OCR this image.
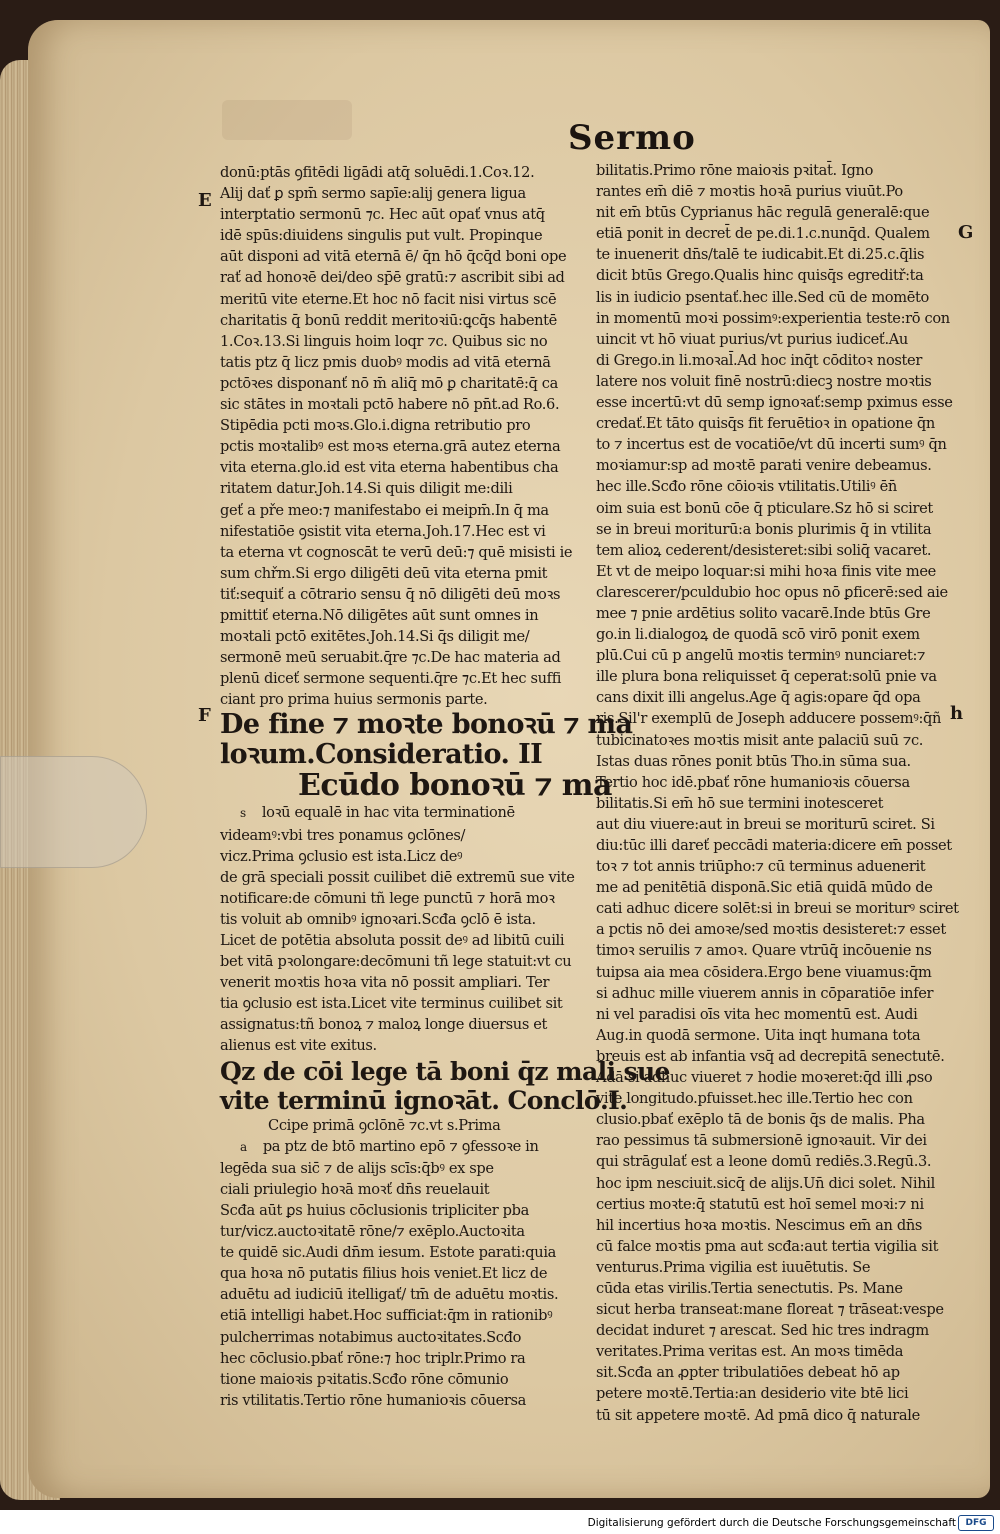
Sermo
E
F
G
h

donū:ptās ꝯfitēdi ligādi atq̄ soluēdi.1.Coꝛ.12.

Alij dať ꝑ spm̄ sermo sapīe:alij genera ligua

interptatio sermonū ⁊c. Hec aūt opať vnus atq̄

idē spūs:diuidens singulis put vult. Propinque

aūt disponi ad vitā eternā ē/ q̄n hō q̄cq̄d boni ope

rať ad honoꝛē dei/deo sp̄ē gratū:⁊ ascribit sibi ad

meritū vite eterne.Et hoc nō facit nisi virtus scē

charitatis q̄ bonū reddit meritoꝛiū:ꝗcq̄s habentē

1.Coꝛ.13.Si linguis hoim loqr ⁊c. Quibus sic no

tatis ptz q̄ licz pmis duobꝰ modis ad vitā eternā

pctōꝛes disponanť nō m̄ aliq̄ mō ꝑ charitatē:q̄ ca

sic stātes in moꝛtali pctō habere nō pn̄t.ad Ro.6.

Stipēdia pcti moꝛs.Glo.i.digna retributio pro

pctis moꝛtalibꝰ est moꝛs eterna.grā autez eterna

vita eterna.glo.id est vita eterna habentibus cha

ritatem datur.Joh.14.Si quis diligit me:dili

geť a pře meo:⁊ manifestabo ei meipm̄.In q̄ ma

nifestatiōe ꝯsistit vita eterna.Joh.17.Hec est vi

ta eterna vt cognoscāt te verū deū:⁊ quē misisti ie

sum chřm.Si ergo diligēti deū vita eterna pmit

tiť:sequiť a cōtrario sensu q̄ nō diligēti deū moꝛs

pmittiť eterna.Nō diligētes aūt sunt omnes in

moꝛtali pctō exitētes.Joh.14.Si q̄s diligit me/

sermonē meū seruabit.q̄re ⁊c.De hac materia ad

plenū diceť sermone sequenti.q̄re ⁊c.Et hec suffi

ciant pro prima huius sermonis parte.

De fine ⁊ moꝛte bonoꝛū ⁊ ma
loꝛum.Consideratio. II
Ecūdo bonoꝛū ⁊ ma

s loꝛū equalē in hac vita terminationē

videamꝰ:vbi tres ponamus ꝯclōnes/

vicz.Prima ꝯclusio est ista.Licz deꝰ

de grā speciali possit cuilibet diē extremū sue vite

notificare:de cōmuni tñ lege punctū ⁊ horā moꝛ

tis voluit ab omnibꝰ ignoꝛari.Scđa ꝯclō ē ista.

Licet de potētia absoluta possit deꝰ ad libitū cuili

bet vitā pꝛolongare:decōmuni tñ lege statuit:vt cu

venerit moꝛtis hoꝛa vita nō possit ampliari. Ter

tia ꝯclusio est ista.Licet vite terminus cuilibet sit

assignatus:tñ bonoꝝ ⁊ maloꝝ longe diuersus et

alienus est vite exitus.

Qz de cōi lege tā boni q̄z mali sue
vite terminū ignoꝛāt. Conclō.I.

Ccipe primā ꝯclōnē ⁊c.vt s.Prima

a pa ptz de btō martino epō ⁊ ꝯfessoꝛe in

legēda sua sic̄ ⁊ de alijs scīs:q̄bꝰ ex spe

ciali priulegio hoꝛā moꝛť dn̄s reuelauit

Scđa aūt ꝑs huius cōclusionis tripliciter pba

tur/vicz.auctoꝛitatē rōne/⁊ exēplo.Auctoꝛita

te quidē sic.Audi dn̄m iesum. Estote parati:quia

qua hoꝛa nō putatis filius hois veniet.Et licz de

aduētu ad iudiciū itelligať/ tm̄ de aduētu moꝛtis.

etiā intelligi habet.Hoc sufficiat:q̄m in rationibꝰ

pulcherrimas notabimus auctoꝛitates.Scđo

hec cōclusio.pbať rōne:⁊ hoc triplr.Primo ra

tione maioꝛis pꝛitatis.Scđo rōne cōmunio

ris vtilitatis.Tertio rōne humanioꝛis cōuersa

bilitatis.Primo rōne maioꝛis pꝛitat̄. Igno

rantes em̄ diē ⁊ moꝛtis hoꝛā purius viuūt.Po

nit em̄ btūs Cyprianus hāc regulā generalē:que

etiā ponit in decret̄ de pe.di.1.c.nunq̄d. Qualem

te inuenerit dn̄s/talē te iudicabit.Et di.25.c.q̄lis

dicit btūs Grego.Qualis hinc quisq̄s egreditř:ta

lis in iudicio psentať.hec ille.Sed cū de momēto

in momentū moꝛi possimꝰ:experientia teste:rō con

uincit vt hō viuat purius/vt purius iudiceť.Au

di Grego.in li.moꝛal̄.Ad hoc inq̄t cōditoꝛ noster

latere nos voluit finē nostrū:diecꝫ nostre moꝛtis

esse incertū:vt dū semp ignoꝛať:semp pximus esse

credať.Et tāto quisq̄s fit feruētioꝛ in opatione q̄n

to ⁊ incertus est de vocatiōe/vt dū incerti sumꝰ q̄n

moꝛiamur:sp ad moꝛtē parati venire debeamus.

hec ille.Scđo rōne cōioꝛis vtilitatis.Utiliꝰ ēn̄

oim suia est bonū cōe q̄ pticulare.Sz hō si sciret

se in breui moriturū:a bonis plurimis q̄ in vtilita

tem alioꝝ cederent/desisteret:sibi soliq̄ vacaret.

Et vt de meipo loquar:si mihi hoꝛa finis vite mee

clarescerer/pculdubio hoc opus nō ꝑficerē:sed aie

mee ⁊ pnie ardētius solito vacarē.Inde btūs Gre

go.in li.dialogoꝝ de quodā scō virō ponit exem

plū.Cui cū p angelū moꝛtis terminꝰ nunciaret:⁊

ille plura bona reliquisset q̄ ceperat:solū pnie va

cans dixit illi angelus.Age q̄ agis:opare q̄d opa

ris.Sil'r exemplū de Joseph adducere possemꝰ:q̄ñ

tubicinatoꝛes moꝛtis misit ante palaciū suū ⁊c.

Istas duas rōnes ponit btūs Tho.in sūma sua.

Tertio hoc idē.pbať rōne humanioꝛis cōuersa

bilitatis.Si em̄ hō sue termini inotesceret

aut diu viuere:aut in breui se moriturū sciret. Si

diu:tūc illi dareť peccādi materia:dicere em̄ posset

toꝛ ⁊ tot annis triūpho:⁊ cū terminus aduenerit

me ad penitētiā disponā.Sic etiā quidā mūdo de

cati adhuc dicere solēt:si in breui se moriturꝰ sciret

a pctis nō dei amoꝛe/sed moꝛtis desisteret:⁊ esset

timoꝛ seruilis ⁊ amoꝛ. Quare vtrūq̄ incōuenie ns

tuipsa aia mea cōsidera.Ergo bene viuamus:q̄m

si adhuc mille viuerem annis in cōparatiōe infer

ni vel paradisi oīs vita hec momentū est. Audi

Aug.in quodā sermone. Uita inqt humana tota

breuis est ab infantia vsq̄ ad decrepitā senectutē.

Adā si adhuc viueret ⁊ hodie moꝛeret:q̄d illi ꝓso

vite longitudo.pfuisset.hec ille.Tertio hec con

clusio.pbať exēplo tā de bonis q̄s de malis. Pha

rao pessimus tā submersionē ignoꝛauit. Vir dei

qui strāgulať est a leone domū rediēs.3.Regū.3.

hoc ipm nesciuit.sicq̄ de alijs.Un̄ dici solet. Nihil

certius moꝛte:q̄ statutū est hoī semel moꝛi:⁊ ni

hil incertius hoꝛa moꝛtis. Nescimus em̄ an dn̄s

cū falce moꝛtis pma aut scđa:aut tertia vigilia sit

venturus.Prima vigilia est iuuētutis. Se

cūda etas virilis.Tertia senectutis. Ps. Mane

sicut herba transeat:mane floreat ⁊ trāseat:vespe

decidat induret ⁊ arescat. Sed hic tres indragm

veritates.Prima veritas est. An moꝛs timēda

sit.Scđa an ꝓpter tribulatiōes debeat hō ap

petere moꝛtē.Tertia:an desiderio vite btē lici

tū sit appetere moꝛtē. Ad pmā dico q̄ naturale

Digitalisierung gefördert durch die Deutsche Forschungsgemeinschaft	DFG
